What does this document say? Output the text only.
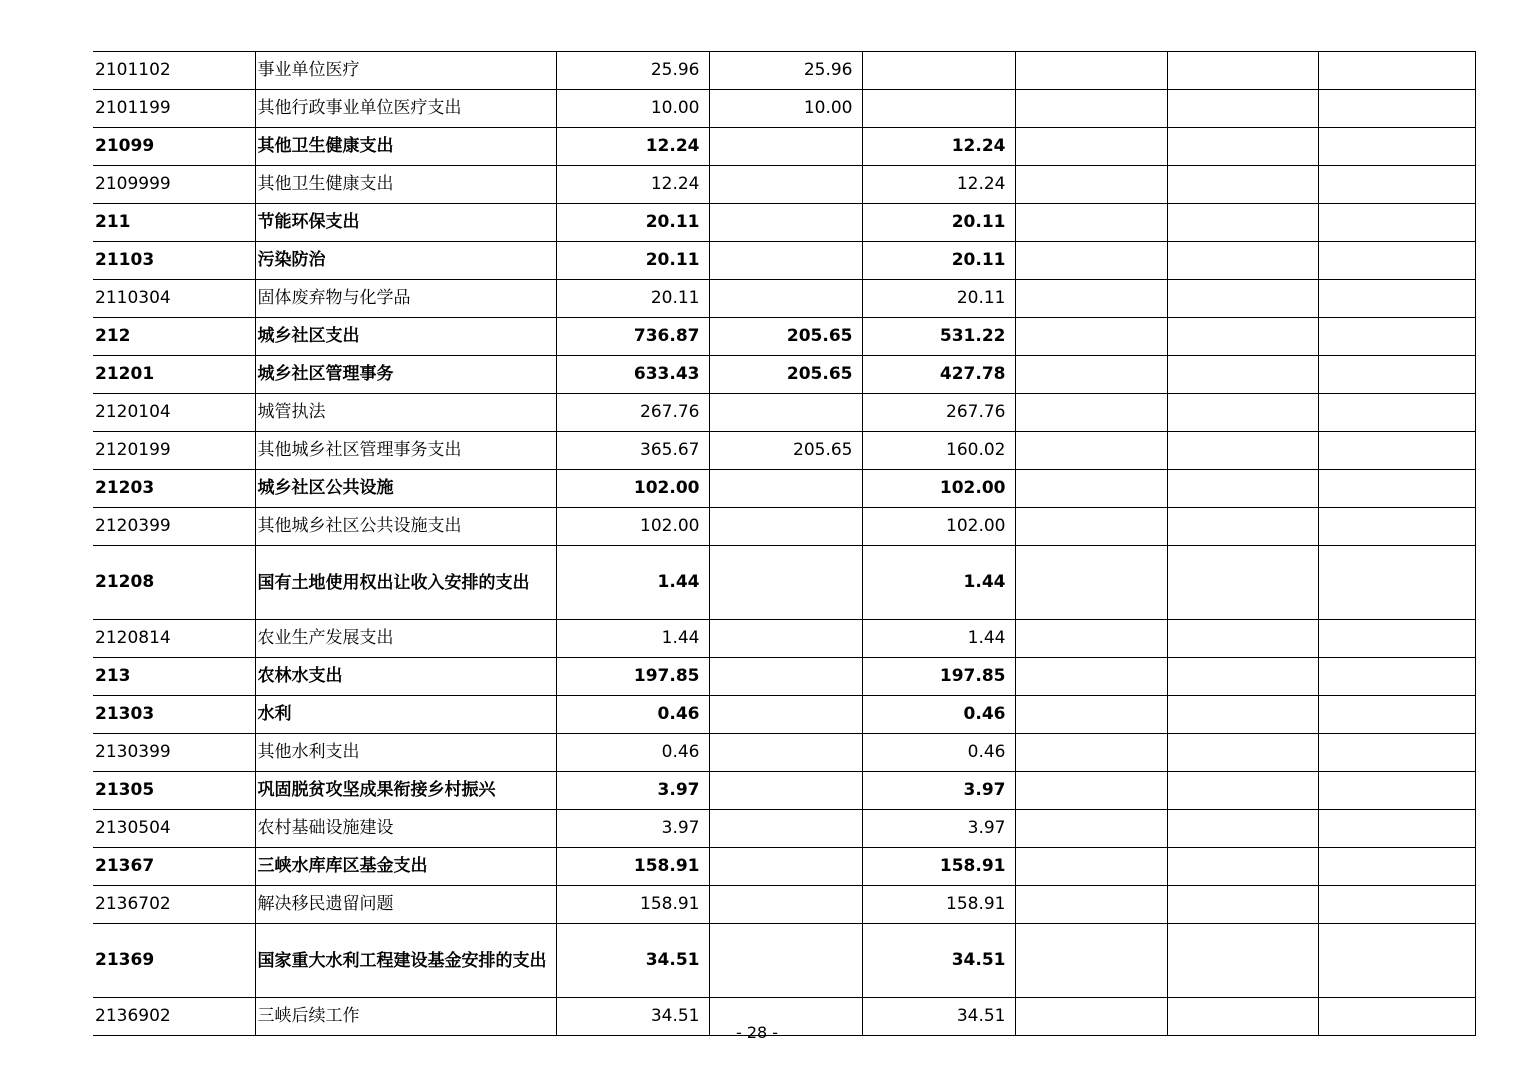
2101102	事业单位医疗	25.96	25.96				
2101199	其他行政事业单位医疗支出	10.00	10.00				
21099	其他卫生健康支出	12.24		12.24			
2109999	其他卫生健康支出	12.24		12.24			
211	节能环保支出	20.11		20.11			
21103	污染防治	20.11		20.11			
2110304	固体废弃物与化学品	20.11		20.11			
212	城乡社区支出	736.87	205.65	531.22			
21201	城乡社区管理事务	633.43	205.65	427.78			
2120104	城管执法	267.76		267.76			
2120199	其他城乡社区管理事务支出	365.67	205.65	160.02			
21203	城乡社区公共设施	102.00		102.00			
2120399	其他城乡社区公共设施支出	102.00		102.00			
21208	国有土地使用权出让收入安排的支出	1.44		1.44			
2120814	农业生产发展支出	1.44		1.44			
213	农林水支出	197.85		197.85			
21303	水利	0.46		0.46			
2130399	其他水利支出	0.46		0.46			
21305	巩固脱贫攻坚成果衔接乡村振兴	3.97		3.97			
2130504	农村基础设施建设	3.97		3.97			
21367	三峡水库库区基金支出	158.91		158.91			
2136702	解决移民遗留问题	158.91		158.91			
21369	国家重大水利工程建设基金安排的支出	34.51		34.51			
2136902	三峡后续工作	34.51		34.51			
- 28 -
